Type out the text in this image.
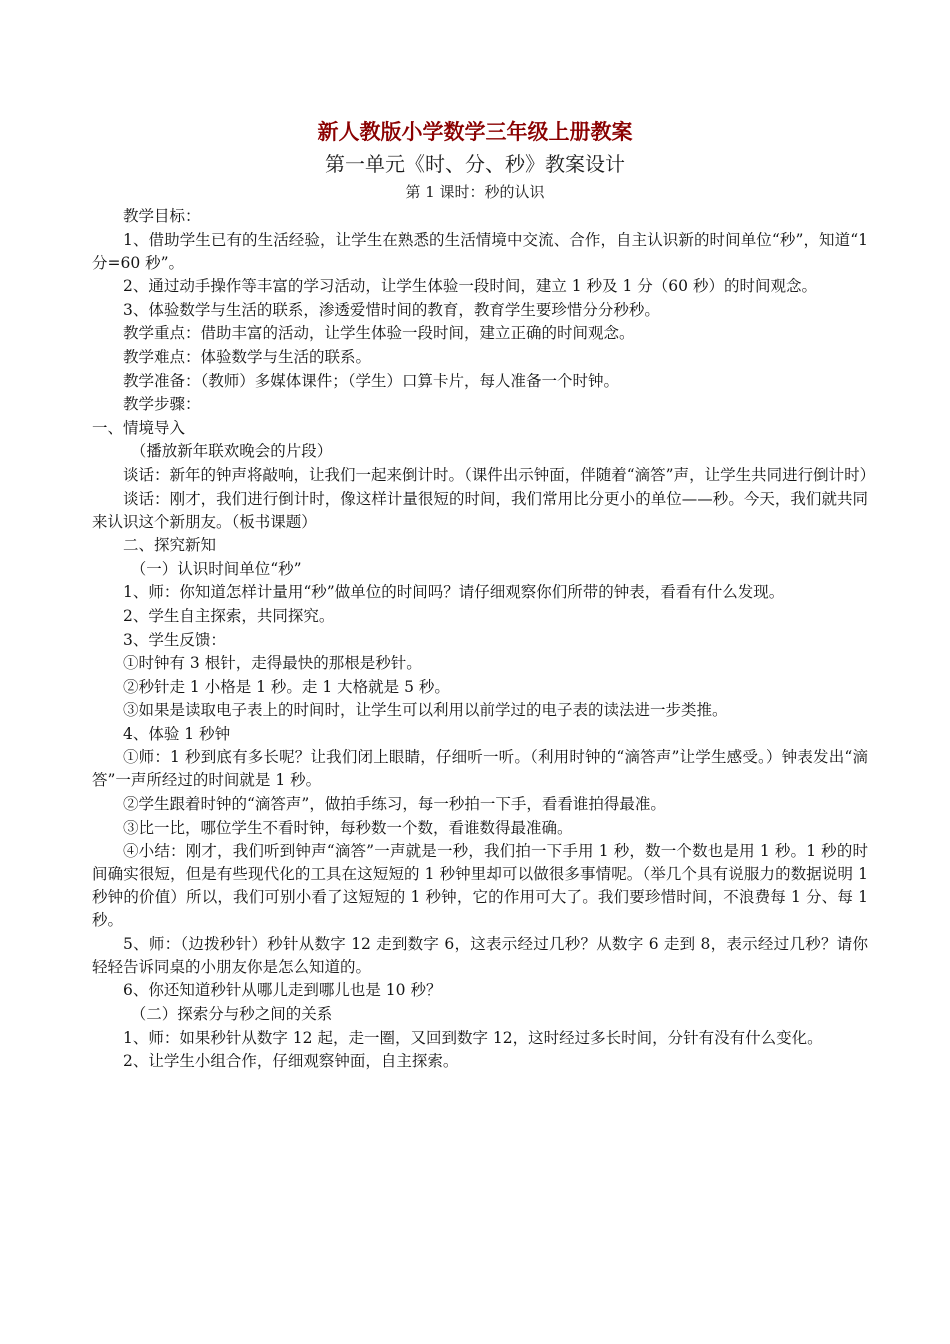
新人教版小学数学三年级上册教案
第一单元《时、分、秒》教案设计
第 1 课时：秒的认识

教学目标：

1、借助学生已有的生活经验，让学生在熟悉的生活情境中交流、合作，自主认识新的时间单位“秒”，知道“1分=60 秒”。

2、通过动手操作等丰富的学习活动，让学生体验一段时间，建立 1 秒及 1 分（60 秒）的时间观念。

3、体验数学与生活的联系，渗透爱惜时间的教育，教育学生要珍惜分分秒秒。

教学重点：借助丰富的活动，让学生体验一段时间，建立正确的时间观念。

教学难点：体验数学与生活的联系。

教学准备：（教师）多媒体课件；（学生）口算卡片，每人准备一个时钟。

教学步骤：

一、情境导入

（播放新年联欢晚会的片段）

谈话：新年的钟声将敲响，让我们一起来倒计时。（课件出示钟面，伴随着“滴答”声，让学生共同进行倒计时）

谈话：刚才，我们进行倒计时，像这样计量很短的时间，我们常用比分更小的单位——秒。今天，我们就共同来认识这个新朋友。（板书课题）

二、探究新知

（一）认识时间单位“秒”

1、师：你知道怎样计量用“秒”做单位的时间吗？请仔细观察你们所带的钟表，看看有什么发现。

2、学生自主探索，共同探究。

3、学生反馈：

①时钟有 3 根针，走得最快的那根是秒针。

②秒针走 1 小格是 1 秒。走 1 大格就是 5 秒。

③如果是读取电子表上的时间时，让学生可以利用以前学过的电子表的读法进一步类推。

4、体验 1 秒钟

①师：1 秒到底有多长呢？让我们闭上眼睛，仔细听一听。（利用时钟的“滴答声”让学生感受。）钟表发出“滴答”一声所经过的时间就是 1 秒。

②学生跟着时钟的“滴答声”，做拍手练习，每一秒拍一下手，看看谁拍得最准。

③比一比，哪位学生不看时钟，每秒数一个数，看谁数得最准确。

④小结：刚才，我们听到钟声“滴答”一声就是一秒，我们拍一下手用 1 秒，数一个数也是用 1 秒。1 秒的时间确实很短，但是有些现代化的工具在这短短的 1 秒钟里却可以做很多事情呢。（举几个具有说服力的数据说明 1 秒钟的价值）所以，我们可别小看了这短短的 1 秒钟，它的作用可大了。我们要珍惜时间，不浪费每 1 分、每 1 秒。

5、师：（边拨秒针）秒针从数字 12 走到数字 6，这表示经过几秒？从数字 6 走到 8，表示经过几秒？请你轻轻告诉同桌的小朋友你是怎么知道的。

6、你还知道秒针从哪儿走到哪儿也是 10 秒？

（二）探索分与秒之间的关系

1、师：如果秒针从数字 12 起，走一圈，又回到数字 12，这时经过多长时间，分针有没有什么变化。

2、让学生小组合作，仔细观察钟面，自主探索。
